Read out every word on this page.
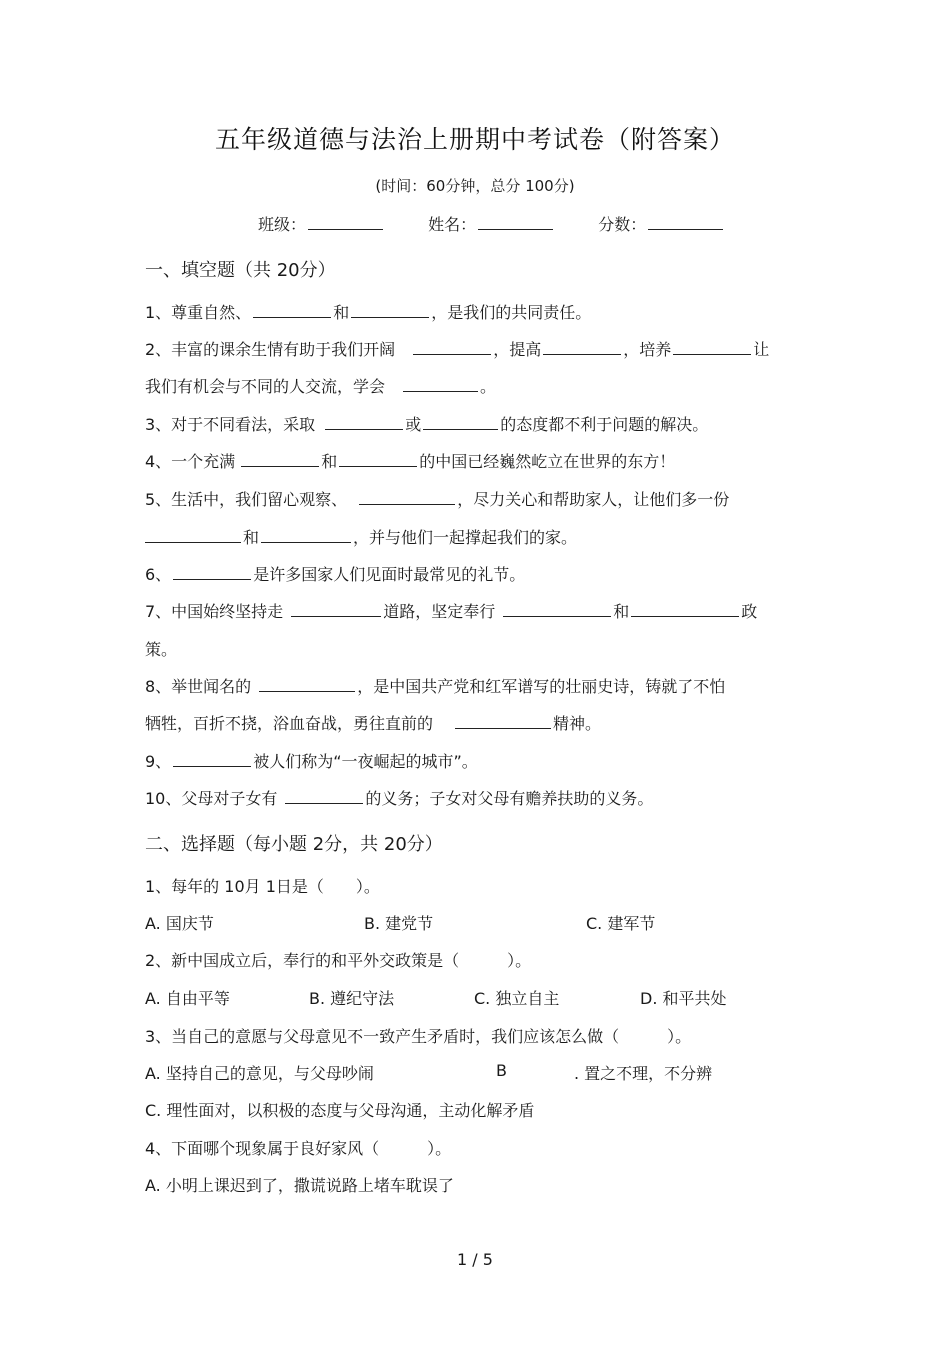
五年级道德与法治上册期中考试卷（附答案）
(时间：60分钟，总分 100分)
班级：	姓名：	分数：
一、填空题（共 20分）
1、尊重自然、	和	，是我们的共同责任。
2、丰富的课余生情有助于我们开阔	，提高	，培养	让
我们有机会与不同的人交流，学会	。
3、对于不同看法，采取	或	的态度都不利于问题的解决。
4、一个充满	和	的中国已经巍然屹立在世界的东方！
5、生活中，我们留心观察、	，尽力关心和帮助家人，让他们多一份
和	，并与他们一起撑起我们的家。
6、	是许多国家人们见面时最常见的礼节。
7、中国始终坚持走	道路，坚定奉行	和	政
策。
8、举世闻名的	，是中国共产党和红军谱写的壮丽史诗，铸就了不怕
牺牲，百折不挠，浴血奋战，勇往直前的	精神。
9、	被人们称为“一夜崛起的城市”。
10、父母对子女有	的义务；子女对父母有赡养扶助的义务。
二、选择题（每小题 2分，共 20分）
1、每年的 10月 1日是（　　）。
A. 国庆节	B. 建党节	C. 建军节
2、新中国成立后，奉行的和平外交政策是（　　　）。
A. 自由平等	B. 遵纪守法	C. 独立自主	D. 和平共处
3、当自己的意愿与父母意见不一致产生矛盾时，我们应该怎么做（　　　）。
A. 坚持自己的意见，与父母吵闹	B	. 置之不理，不分辨
C. 理性面对，以积极的态度与父母沟通，主动化解矛盾
4、下面哪个现象属于良好家风（　　　）。
A. 小明上课迟到了，撒谎说路上堵车耽误了
1 / 5
